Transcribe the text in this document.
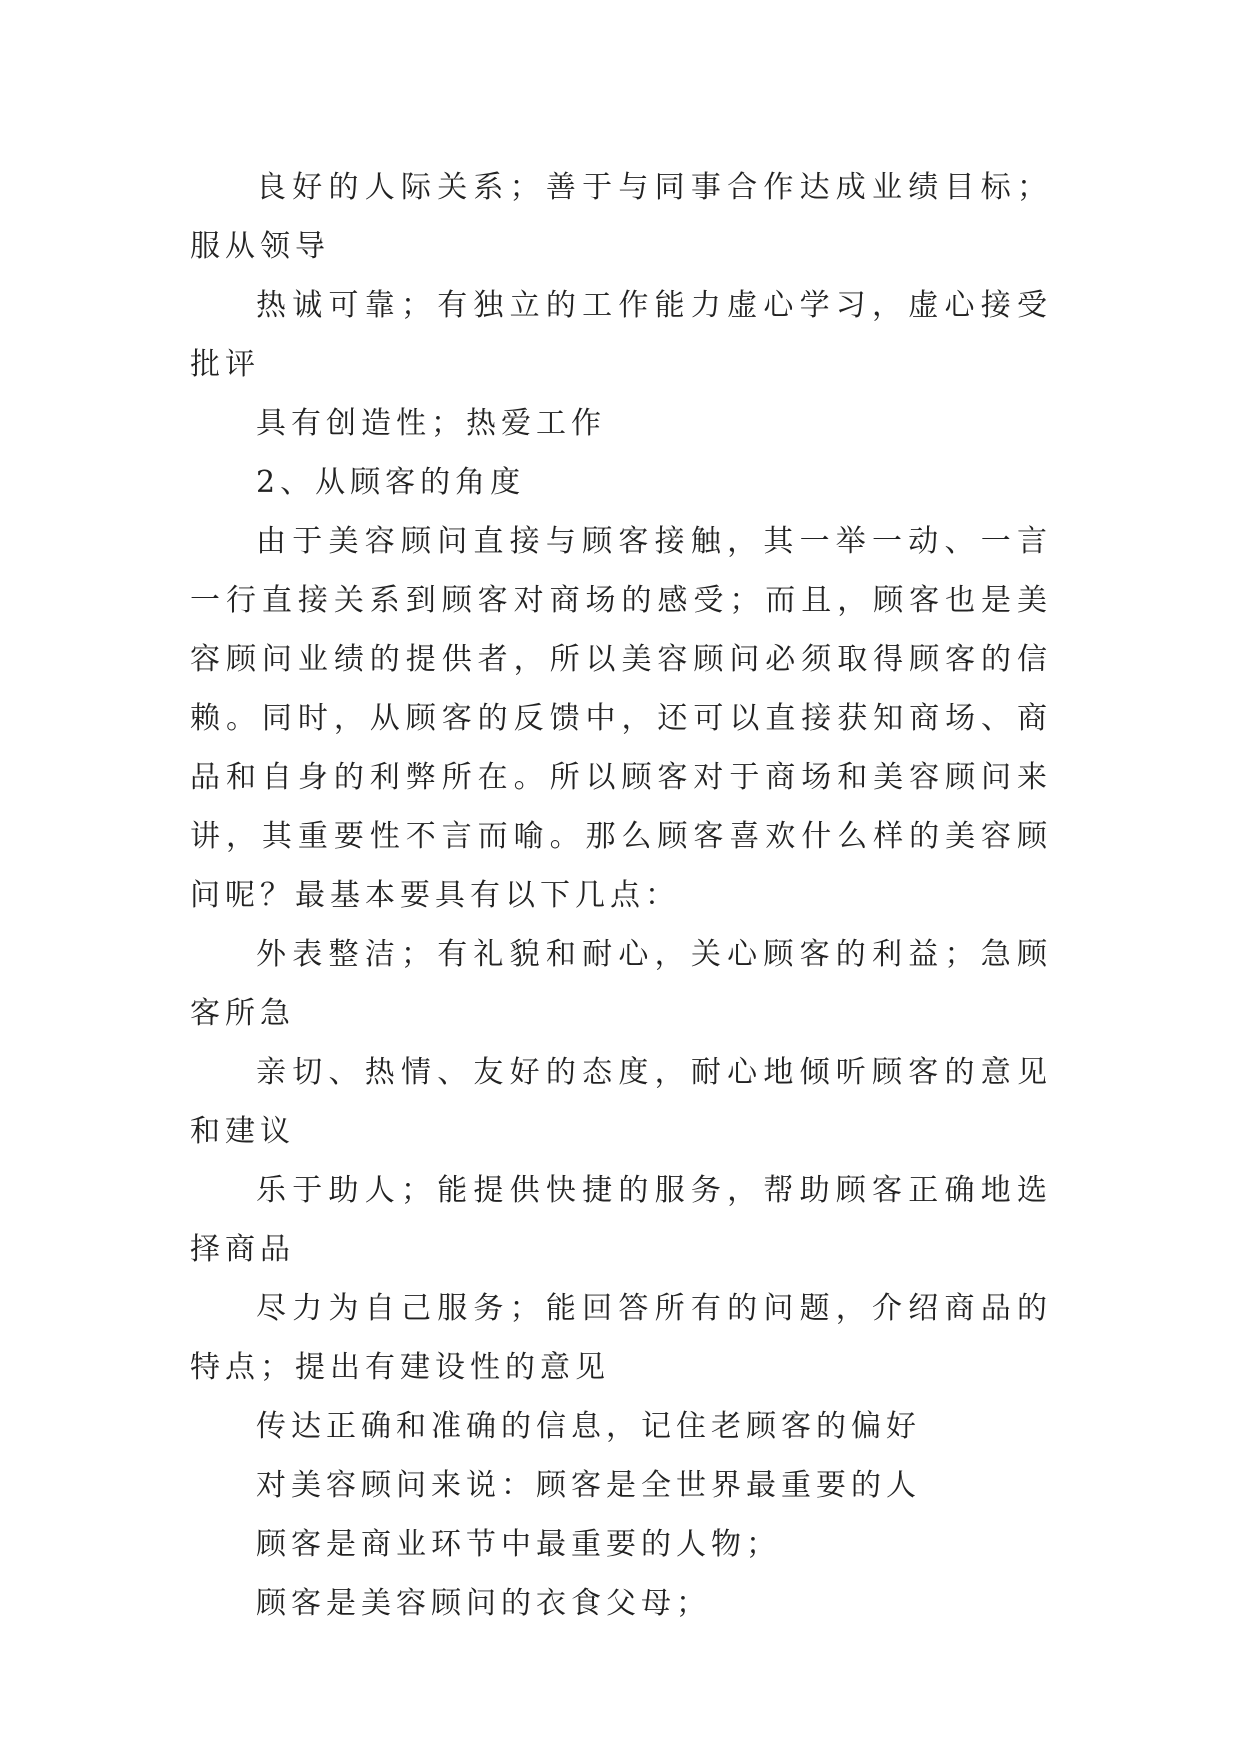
良好的人际关系；善于与同事合作达成业绩目标；服从领导

热诚可靠；有独立的工作能力虚心学习，虚心接受批评

具有创造性；热爱工作

2、从顾客的角度

由于美容顾问直接与顾客接触，其一举一动、一言一行直接关系到顾客对商场的感受；而且，顾客也是美容顾问业绩的提供者，所以美容顾问必须取得顾客的信赖。同时，从顾客的反馈中，还可以直接获知商场、商品和自身的利弊所在。所以顾客对于商场和美容顾问来讲，其重要性不言而喻。那么顾客喜欢什么样的美容顾问呢？最基本要具有以下几点：

外表整洁；有礼貌和耐心，关心顾客的利益；急顾客所急

亲切、热情、友好的态度，耐心地倾听顾客的意见和建议

乐于助人；能提供快捷的服务，帮助顾客正确地选择商品

尽力为自己服务；能回答所有的问题，介绍商品的特点；提出有建设性的意见

传达正确和准确的信息，记住老顾客的偏好

对美容顾问来说：顾客是全世界最重要的人

顾客是商业环节中最重要的人物；

顾客是美容顾问的衣食父母；
